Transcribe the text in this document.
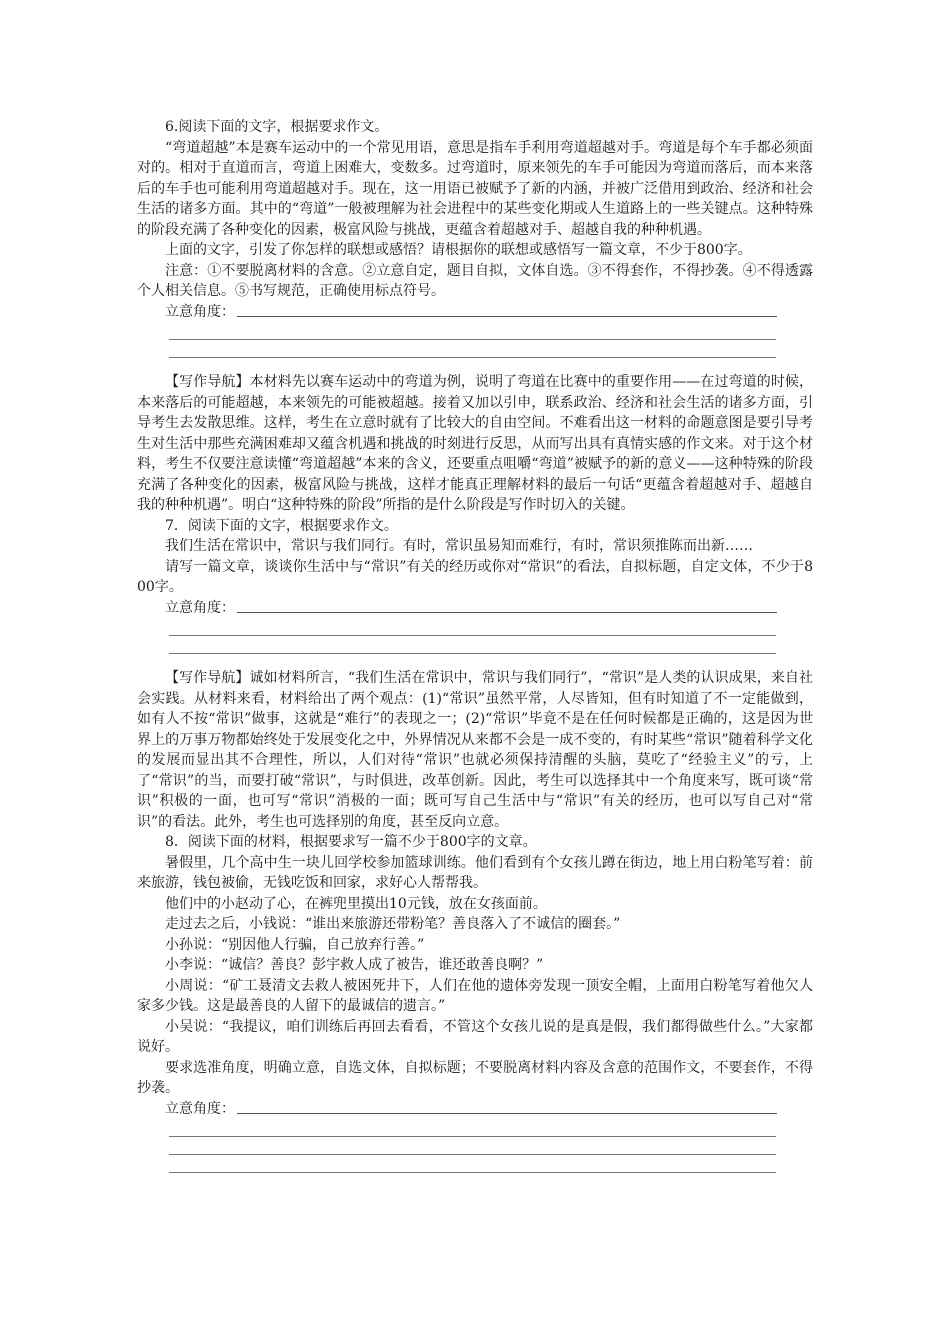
6.阅读下面的文字，根据要求作文。

“弯道超越”本是赛车运动中的一个常见用语，意思是指车手利用弯道超越对手。弯道是每个车手都必须面对的。相对于直道而言，弯道上困难大，变数多。过弯道时，原来领先的车手可能因为弯道而落后，而本来落后的车手也可能利用弯道超越对手。现在，这一用语已被赋予了新的内涵，并被广泛借用到政治、经济和社会生活的诸多方面。其中的“弯道”一般被理解为社会进程中的某些变化期或人生道路上的一些关键点。这种特殊的阶段充满了各种变化的因素，极富风险与挑战，更蕴含着超越对手、超越自我的种种机遇。

上面的文字，引发了你怎样的联想或感悟？请根据你的联想或感悟写一篇文章，不少于800字。

注意：①不要脱离材料的含意。②立意自定，题目自拟，文体自选。③不得套作，不得抄袭。④不得透露个人相关信息。⑤书写规范，正确使用标点符号。

立意角度：

【写作导航】本材料先以赛车运动中的弯道为例，说明了弯道在比赛中的重要作用——在过弯道的时候，本来落后的可能超越，本来领先的可能被超越。接着又加以引申，联系政治、经济和社会生活的诸多方面，引导考生去发散思维。这样，考生在立意时就有了比较大的自由空间。不难看出这一材料的命题意图是要引导考生对生活中那些充满困难却又蕴含机遇和挑战的时刻进行反思，从而写出具有真情实感的作文来。对于这个材料，考生不仅要注意读懂“弯道超越”本来的含义，还要重点咀嚼“弯道”被赋予的新的意义——这种特殊的阶段充满了各种变化的因素，极富风险与挑战，这样才能真正理解材料的最后一句话“更蕴含着超越对手、超越自我的种种机遇”。明白“这种特殊的阶段”所指的是什么阶段是写作时切入的关键。

7．阅读下面的文字，根据要求作文。

我们生活在常识中，常识与我们同行。有时，常识虽易知而难行，有时，常识须推陈而出新……

请写一篇文章，谈谈你生活中与“常识”有关的经历或你对“常识”的看法，自拟标题，自定文体，不少于800字。

立意角度：

【写作导航】诚如材料所言，“我们生活在常识中，常识与我们同行”，“常识”是人类的认识成果，来自社会实践。从材料来看，材料给出了两个观点：(1)“常识”虽然平常，人尽皆知，但有时知道了不一定能做到，如有人不按“常识”做事，这就是“难行”的表现之一；(2)“常识”毕竟不是在任何时候都是正确的，这是因为世界上的万事万物都始终处于发展变化之中，外界情况从来都不会是一成不变的，有时某些“常识”随着科学文化的发展而显出其不合理性，所以，人们对待“常识”也就必须保持清醒的头脑，莫吃了“经验主义”的亏，上了“常识”的当，而要打破“常识”，与时俱进，改革创新。因此，考生可以选择其中一个角度来写，既可谈“常识”积极的一面，也可写“常识”消极的一面；既可写自己生活中与“常识”有关的经历，也可以写自己对“常识”的看法。此外，考生也可选择别的角度，甚至反向立意。

8．阅读下面的材料，根据要求写一篇不少于800字的文章。

暑假里，几个高中生一块儿回学校参加篮球训练。他们看到有个女孩儿蹲在街边，地上用白粉笔写着：前来旅游，钱包被偷，无钱吃饭和回家，求好心人帮帮我。

他们中的小赵动了心，在裤兜里摸出10元钱，放在女孩面前。

走过去之后，小钱说：“谁出来旅游还带粉笔？善良落入了不诚信的圈套。”

小孙说：“别因他人行骗，自己放弃行善。”

小李说：“诚信？善良？彭宇救人成了被告，谁还敢善良啊？”

小周说：“矿工聂清文去救人被困死井下，人们在他的遗体旁发现一顶安全帽，上面用白粉笔写着他欠人家多少钱。这是最善良的人留下的最诚信的遗言。”

小吴说：“我提议，咱们训练后再回去看看，不管这个女孩儿说的是真是假，我们都得做些什么。”大家都说好。

要求选准角度，明确立意，自选文体，自拟标题；不要脱离材料内容及含意的范围作文，不要套作，不得抄袭。

立意角度：
